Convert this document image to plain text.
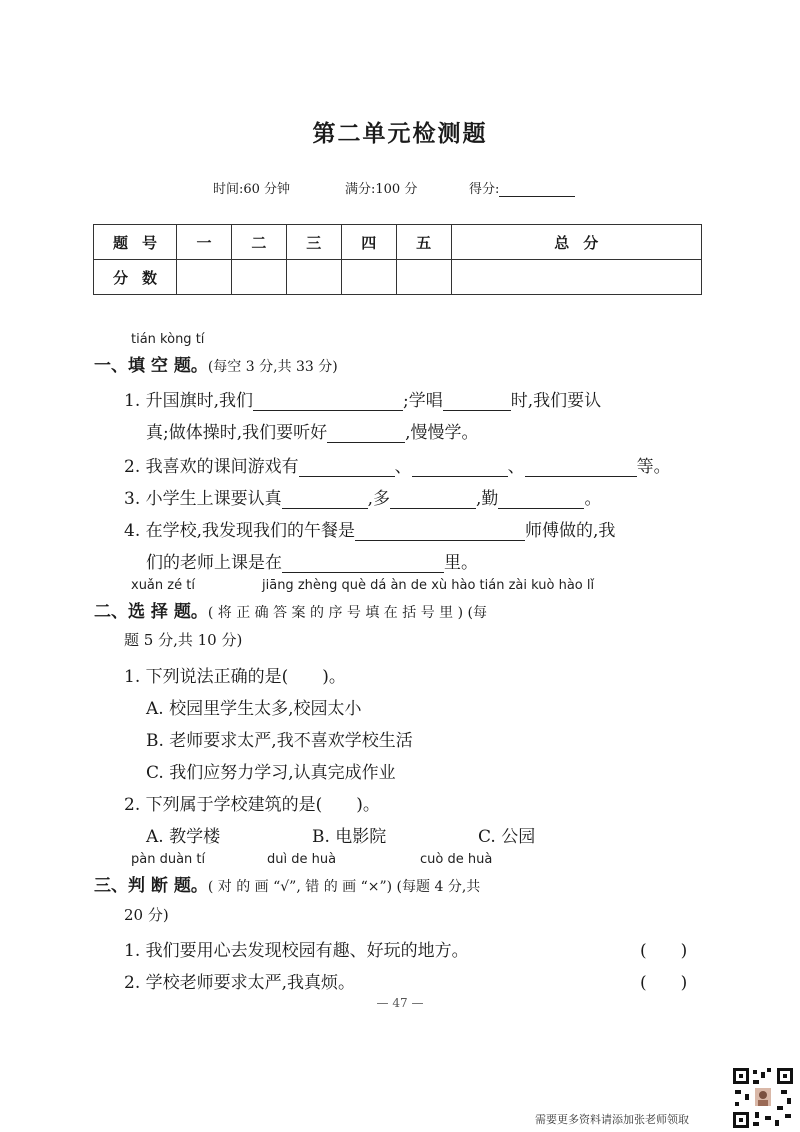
第二单元检测题
时间:60 分钟	满分:100 分	得分:
题号	一	二	三	四	五	总分
分数						
tián kòng tí
一、填 空 题。(每空 3 分,共 33 分)
1. 升国旗时,我们	;学唱	时,我们要认
真;做体操时,我们要听好	,慢慢学。
2. 我喜欢的课间游戏有	、	、	等。
3. 小学生上课要认真	,多	,勤	。
4. 在学校,我发现我们的午餐是	师傅做的,我
们的老师上课是在	里。
xuǎn zé tí	jiāng zhèng què dá àn de xù hào tián zài kuò hào lǐ
二、选 择 题。( 将 正 确 答 案 的 序 号 填 在 括 号 里 ) (每
题 5 分,共 10 分)
1. 下列说法正确的是(　　)。
A. 校园里学生太多,校园太小
B. 老师要求太严,我不喜欢学校生活
C. 我们应努力学习,认真完成作业
2. 下列属于学校建筑的是(　　)。
A. 教学楼	B. 电影院	C. 公园
pàn duàn tí	duì de huà	cuò de huà
三、判 断 题。( 对 的 画 “√”, 错 的 画 “×”) (每题 4 分,共
20 分)
1. 我们要用心去发现校园有趣、好玩的地方。	(　　)
2. 学校老师要求太严,我真烦。	(　　)
— 47 —
需要更多资料请添加张老师领取
